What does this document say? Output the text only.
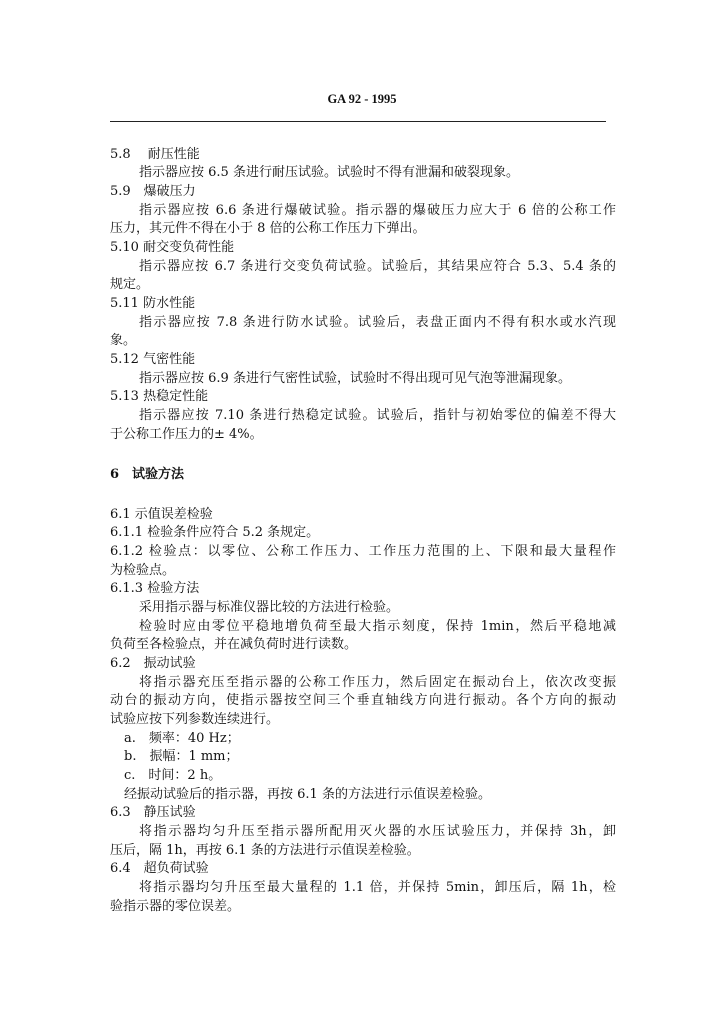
GA 92 - 1995
5.8　 耐压性能
指示器应按 6.5 条进行耐压试验。试验时不得有泄漏和破裂现象。
5.9　爆破压力
指示器应按 6.6 条进行爆破试验。指示器的爆破压力应大于 6 倍的公称工作
压力，其元件不得在小于 8 倍的公称工作压力下弹出。
5.10 耐交变负荷性能
指示器应按 6.7 条进行交变负荷试验。试验后，其结果应符合 5.3、5.4 条的
规定。
5.11 防水性能
指示器应按 7.8 条进行防水试验。试验后，表盘正面内不得有积水或水汽现
象。
5.12 气密性能
指示器应按 6.9 条进行气密性试验，试验时不得出现可见气泡等泄漏现象。
5.13 热稳定性能
指示器应按 7.10 条进行热稳定试验。试验后，指针与初始零位的偏差不得大
于公称工作压力的± 4%。
6　试验方法
6.1 示值误差检验
6.1.1 检验条件应符合 5.2 条规定。
6.1.2 检验点：以零位、公称工作压力、工作压力范围的上、下限和最大量程作
为检验点。
6.1.3 检验方法
采用指示器与标准仪器比较的方法进行检验。
检验时应由零位平稳地增负荷至最大指示刻度，保持 1min，然后平稳地减
负荷至各检验点，并在减负荷时进行读数。
6.2　振动试验
将指示器充压至指示器的公称工作压力，然后固定在振动台上，依次改变振
动台的振动方向，使指示器按空间三个垂直轴线方向进行振动。各个方向的振动
试验应按下列参数连续进行。
a.　频率：40 Hz；
b.　振幅：1 mm；
c.　时间：2 h。
经振动试验后的指示器，再按 6.1 条的方法进行示值误差检验。
6.3　静压试验
将指示器均匀升压至指示器所配用灭火器的水压试验压力，并保持 3h，卸
压后，隔 1h，再按 6.1 条的方法进行示值误差检验。
6.4　超负荷试验
将指示器均匀升压至最大量程的 1.1 倍，并保持 5min，卸压后，隔 1h，检
验指示器的零位误差。
